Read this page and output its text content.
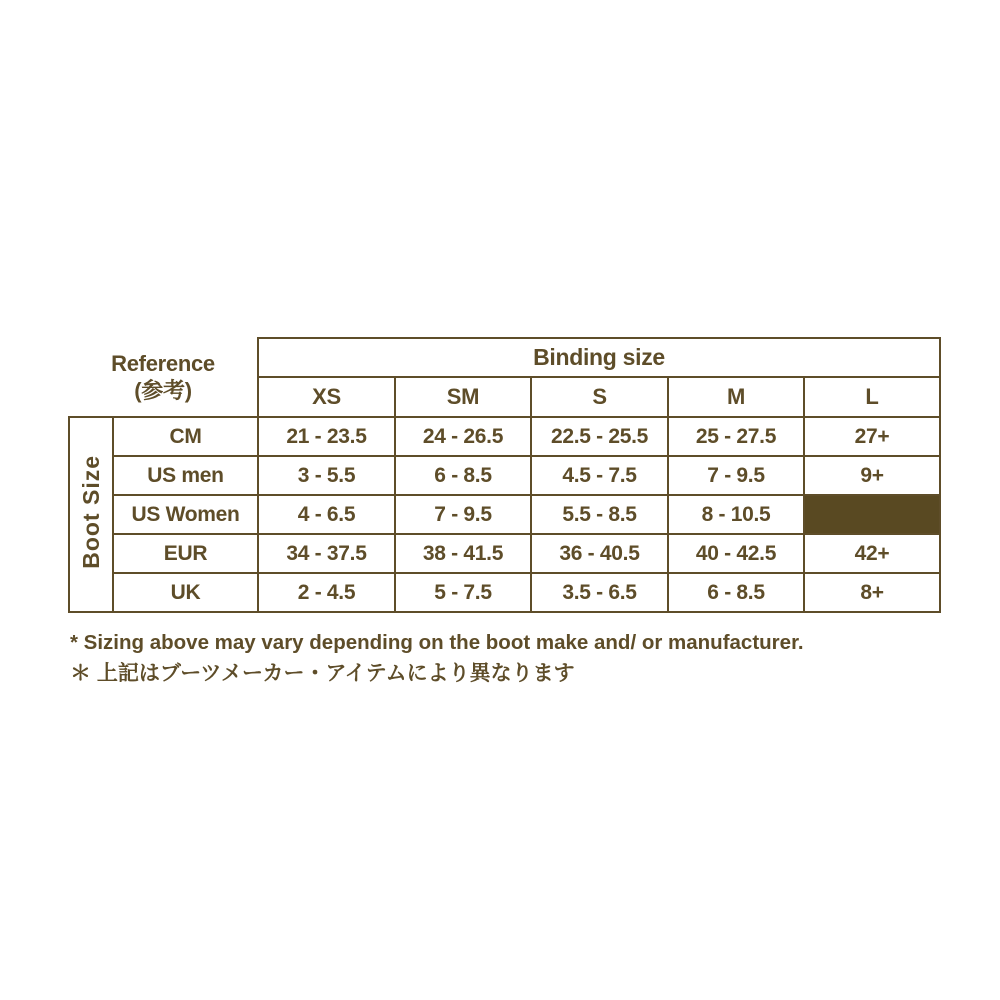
Reference
(参考)		Binding size				
		XS	SM	S	M	L
Boot Size	CM	21 - 23.5	24 - 26.5	22.5 - 25.5	25 - 27.5	27+
	US men	3 - 5.5	6 - 8.5	4.5 - 7.5	7 - 9.5	9+
	US Women	4 - 6.5	7 - 9.5	5.5 - 8.5	8 - 10.5	
	EUR	34 - 37.5	38 - 41.5	36 - 40.5	40 - 42.5	42+
	UK	2 - 4.5	5 - 7.5	3.5 - 6.5	6 - 8.5	8+
* Sizing above may vary depending on the boot make and/ or manufacturer.
＊ 上記はブーツメーカー・アイテムにより異なります
